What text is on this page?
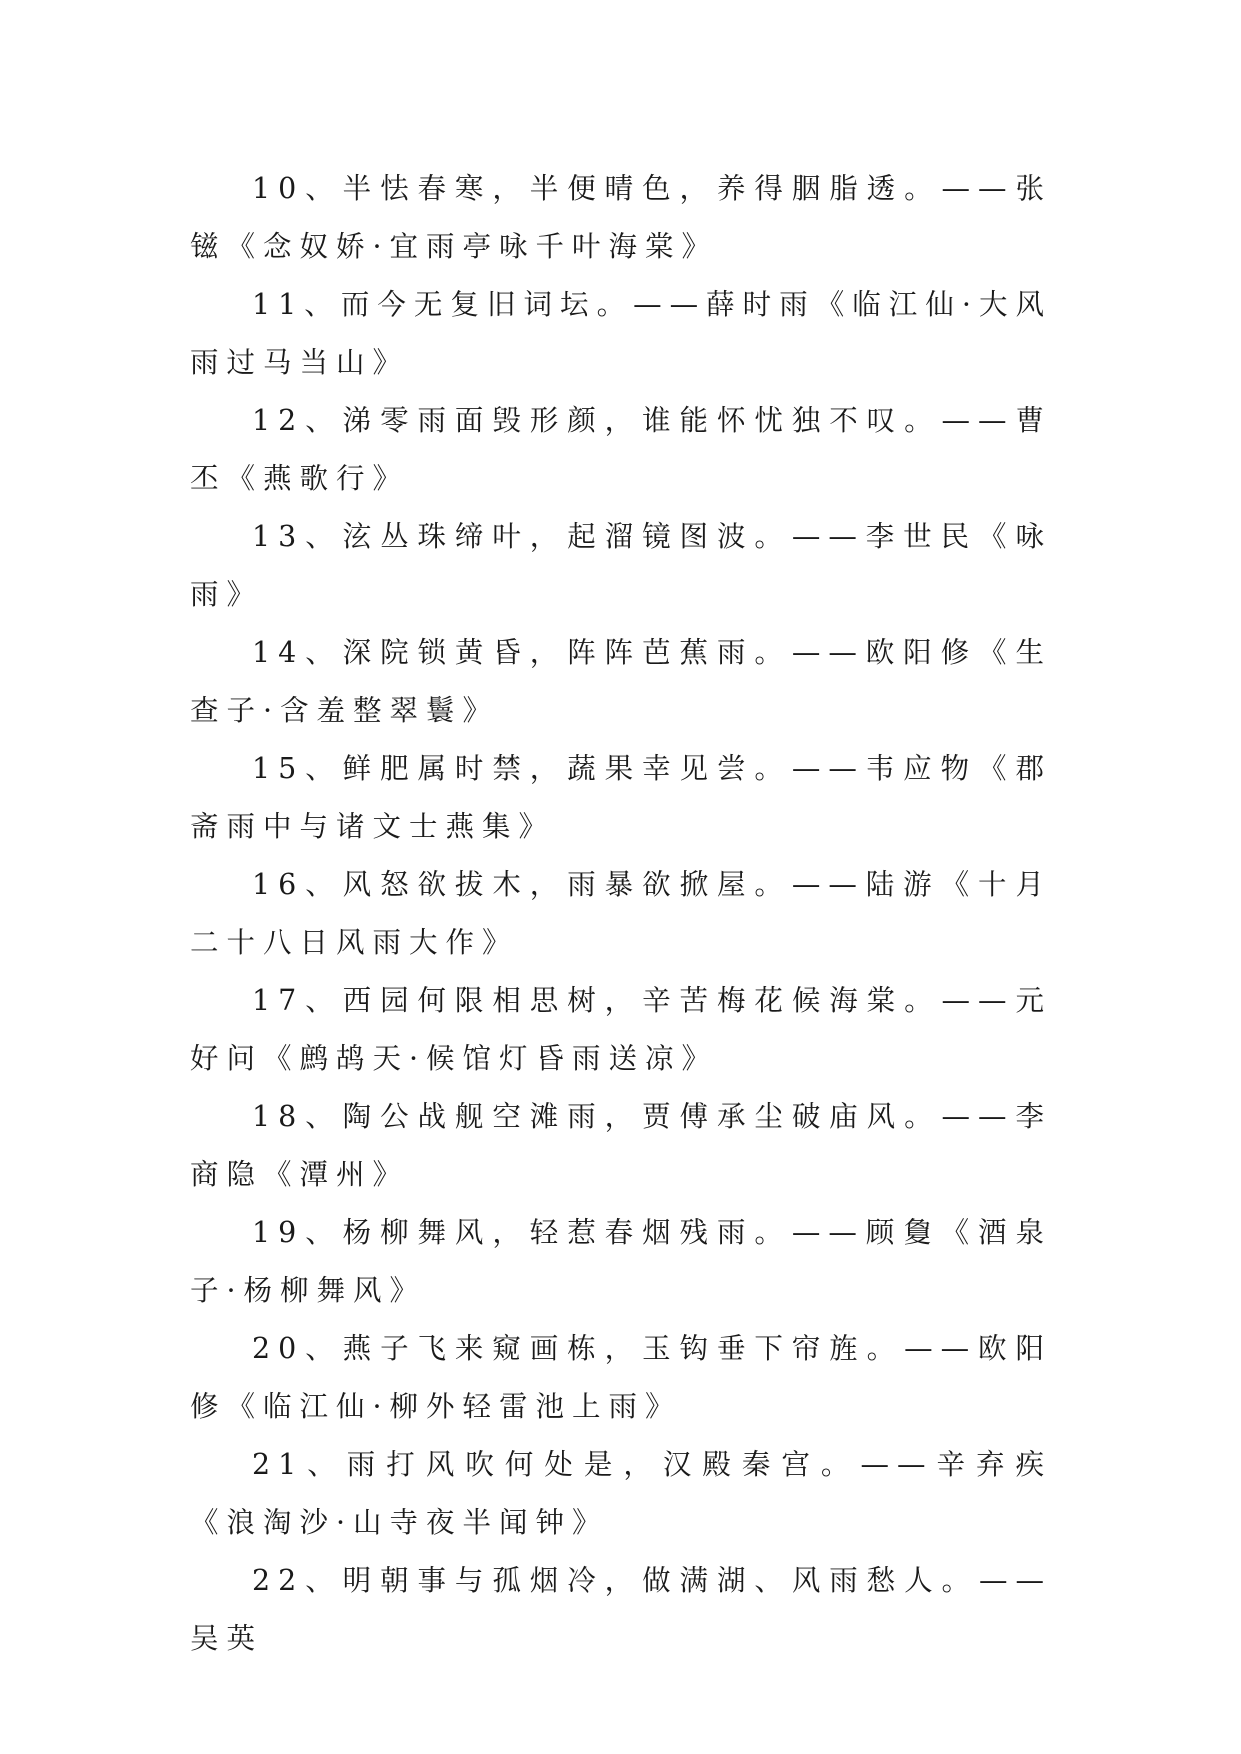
10、半怯春寒，半便晴色，养得胭脂透。——张镃《念奴娇·宜雨亭咏千叶海棠》

11、而今无复旧词坛。——薛时雨《临江仙·大风雨过马当山》

12、涕零雨面毁形颜，谁能怀忧独不叹。——曹丕《燕歌行》

13、泫丛珠缔叶，起溜镜图波。——李世民《咏雨》

14、深院锁黄昏，阵阵芭蕉雨。——欧阳修《生查子·含羞整翠鬟》

15、鲜肥属时禁，蔬果幸见尝。——韦应物《郡斋雨中与诸文士燕集》

16、风怒欲拔木，雨暴欲掀屋。——陆游《十月二十八日风雨大作》

17、西园何限相思树，辛苦梅花候海棠。——元好问《鹧鸪天·候馆灯昏雨送凉》

18、陶公战舰空滩雨，贾傅承尘破庙风。——李商隐《潭州》

19、杨柳舞风，轻惹春烟残雨。——顾敻《酒泉子·杨柳舞风》

20、燕子飞来窥画栋，玉钩垂下帘旌。——欧阳修《临江仙·柳外轻雷池上雨》

21、雨打风吹何处是，汉殿秦宫。——辛弃疾《浪淘沙·山寺夜半闻钟》

22、明朝事与孤烟冷，做满湖、风雨愁人。——吴英
